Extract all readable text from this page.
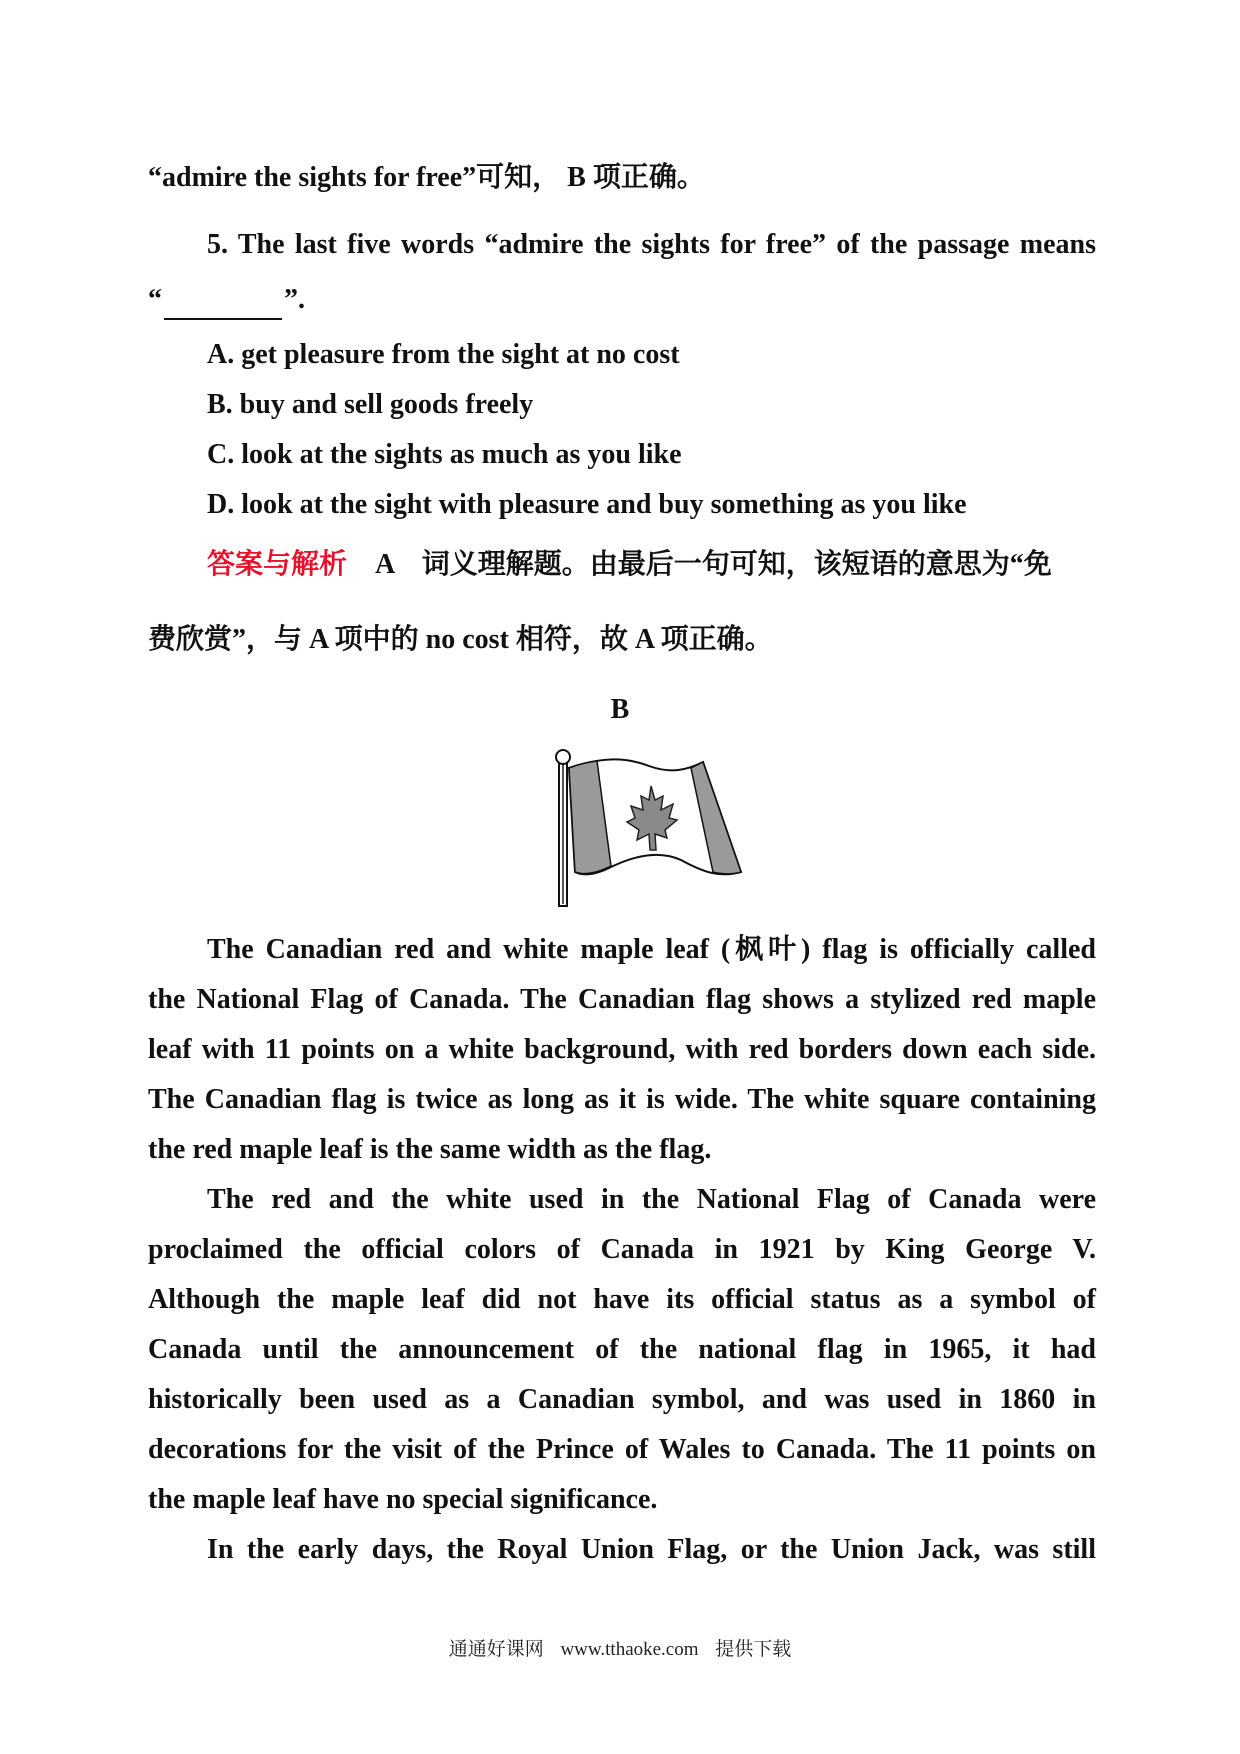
“admire the sights for free”可知， B 项正确。
5. The last five words “admire the sights for free” of the passage means
“	”.
A. get pleasure from the sight at no cost
B. buy and sell goods freely
C. look at the sights as much as you like
D. look at the sight with pleasure and buy something as you like
答案与解析　 A　词义理解题。由最后一句可知，该短语的意思为“免
费欣赏”，与 A 项中的 no cost 相符，故 A 项正确。
B
The Canadian red and white maple leaf (枫叶) flag is officially called
the National Flag of Canada. The Canadian flag shows a stylized red maple
leaf with 11 points on a white background, with red borders down each side.
The Canadian flag is twice as long as it is wide. The white square containing
the red maple leaf is the same width as the flag.
The red and the white used in the National Flag of Canada were
proclaimed the official colors of Canada in 1921 by King George V.
Although the maple leaf did not have its official status as a symbol of
Canada until the announcement of the national flag in 1965, it had
historically been used as a Canadian symbol, and was used in 1860 in
decorations for the visit of the Prince of Wales to Canada. The 11 points on
the maple leaf have no special significance.
In the early days, the Royal Union Flag, or the Union Jack, was still
通通好课网 www.tthaoke.com 提供下载
